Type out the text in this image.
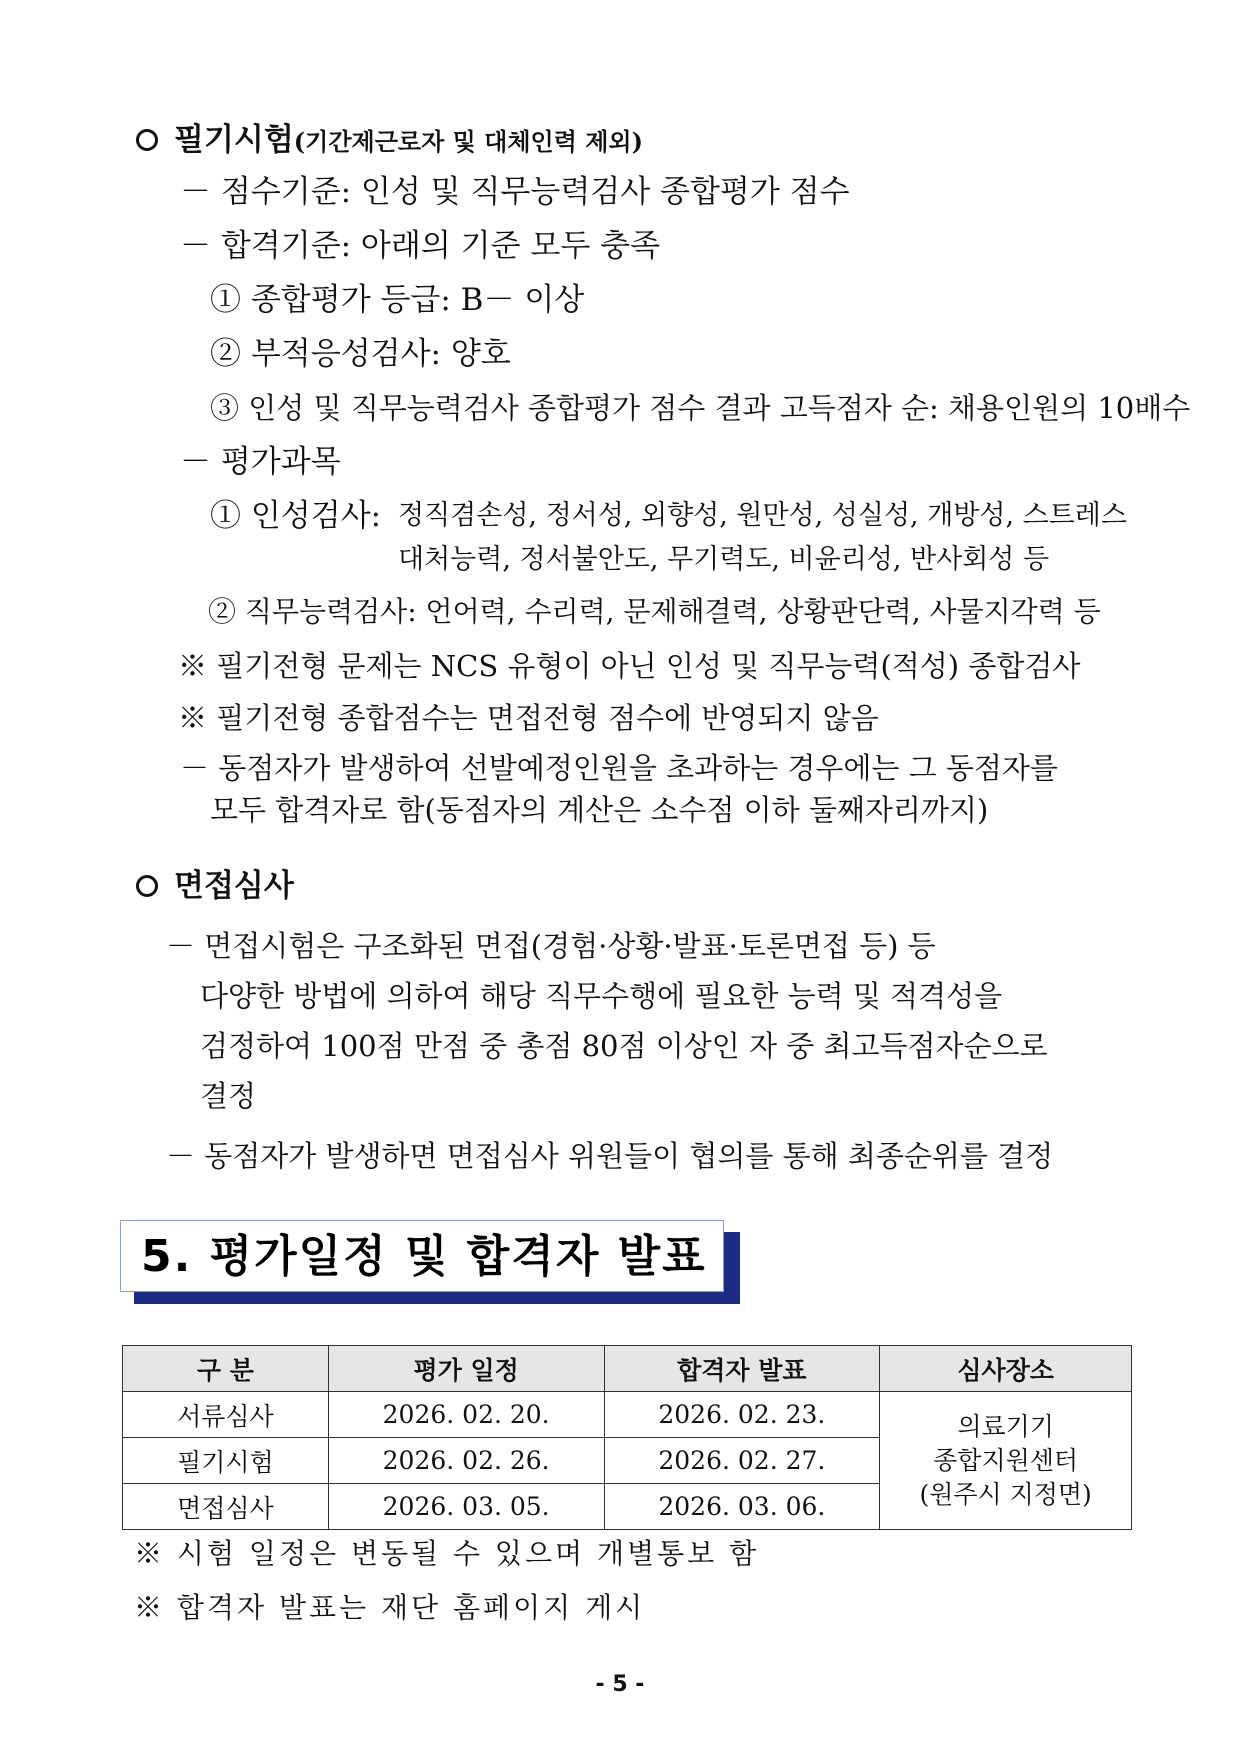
필기시험(기간제근로자 및 대체인력 제외)
－ 점수기준: 인성 및 직무능력검사 종합평가 점수
－ 합격기준: 아래의 기준 모두 충족
① 종합평가 등급: B－ 이상
② 부적응성검사: 양호
③ 인성 및 직무능력검사 종합평가 점수 결과 고득점자 순: 채용인원의 10배수
－ 평가과목
① 인성검사: 정직겸손성, 정서성, 외향성, 원만성, 성실성, 개방성, 스트레스
대처능력, 정서불안도, 무기력도, 비윤리성, 반사회성 등
② 직무능력검사: 언어력, 수리력, 문제해결력, 상황판단력, 사물지각력 등
※ 필기전형 문제는 NCS 유형이 아닌 인성 및 직무능력(적성) 종합검사
※ 필기전형 종합점수는 면접전형 점수에 반영되지 않음
－ 동점자가 발생하여 선발예정인원을 초과하는 경우에는 그 동점자를
모두 합격자로 함(동점자의 계산은 소수점 이하 둘째자리까지)
면접심사
－ 면접시험은 구조화된 면접(경험·상황·발표·토론면접 등) 등
다양한 방법에 의하여 해당 직무수행에 필요한 능력 및 적격성을
검정하여 100점 만점 중 총점 80점 이상인 자 중 최고득점자순으로
결정
－ 동점자가 발생하면 면접심사 위원들이 협의를 통해 최종순위를 결정
5. 평가일정 및 합격자 발표
구 분	평가 일정	합격자 발표	심사장소
서류심사	2026. 02. 20.	2026. 02. 23.	의료기기
종합지원센터
(원주시 지정면)

필기시험	2026. 02. 26.	2026. 02. 27.	
면접심사	2026. 03. 05.	2026. 03. 06.	
※ 시험 일정은 변동될 수 있으며 개별통보 함
※ 합격자 발표는 재단 홈페이지 게시
- 5 -
